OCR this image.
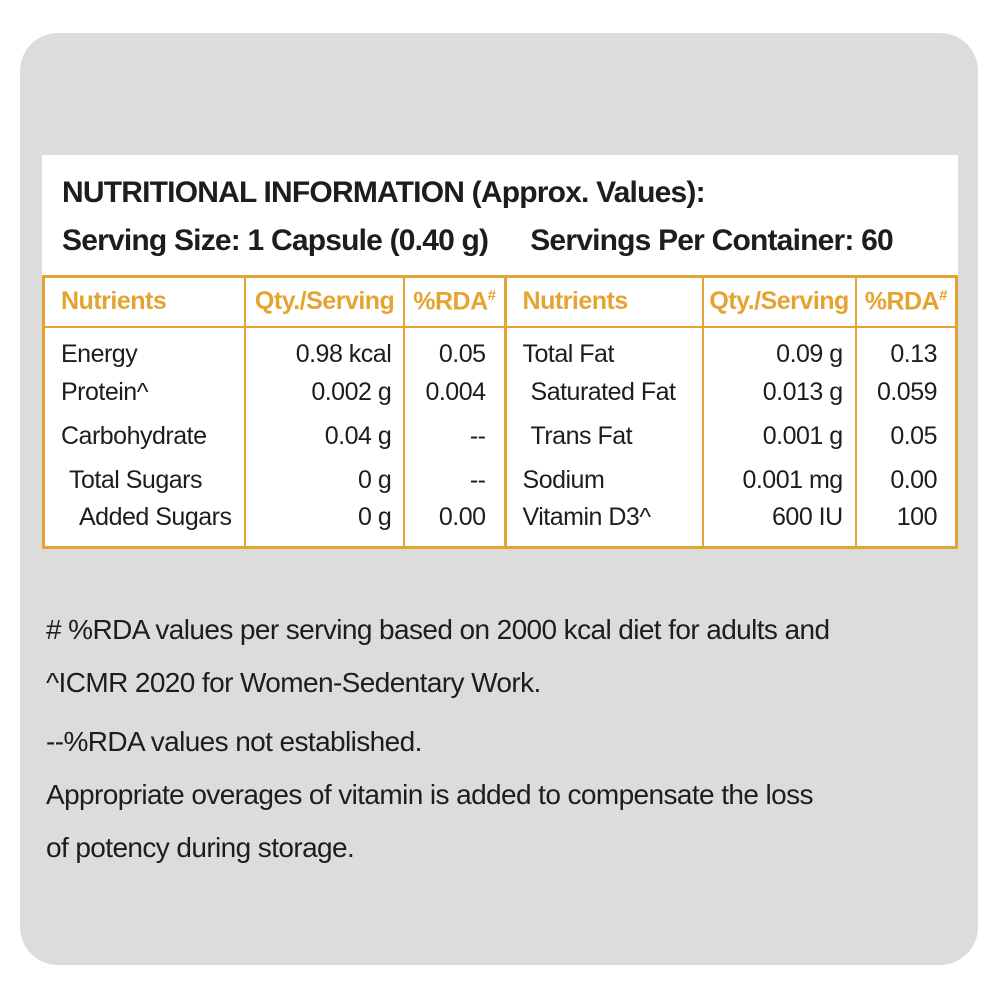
NUTRITIONAL INFORMATION (Approx. Values):
Serving Size: 1 Capsule (0.40 g) Servings Per Container: 60
Nutrients	Qty./Serving	%RDA#	Nutrients	Qty./Serving	%RDA#
Energy	0.98 kcal	0.05	Total Fat	0.09 g	0.13
Protein^	0.002 g	0.004	Saturated Fat	0.013 g	0.059
Carbohydrate	0.04 g	--	Trans Fat	0.001 g	0.05
Total Sugars	0 g	--	Sodium	0.001 mg	0.00
Added Sugars	0 g	0.00	Vitamin D3^	600 IU	100
# %RDA values per serving based on 2000 kcal diet for adults and
^ICMR 2020 for Women-Sedentary Work.
--%RDA values not established.
Appropriate overages of vitamin is added to compensate the loss
of potency during storage.
